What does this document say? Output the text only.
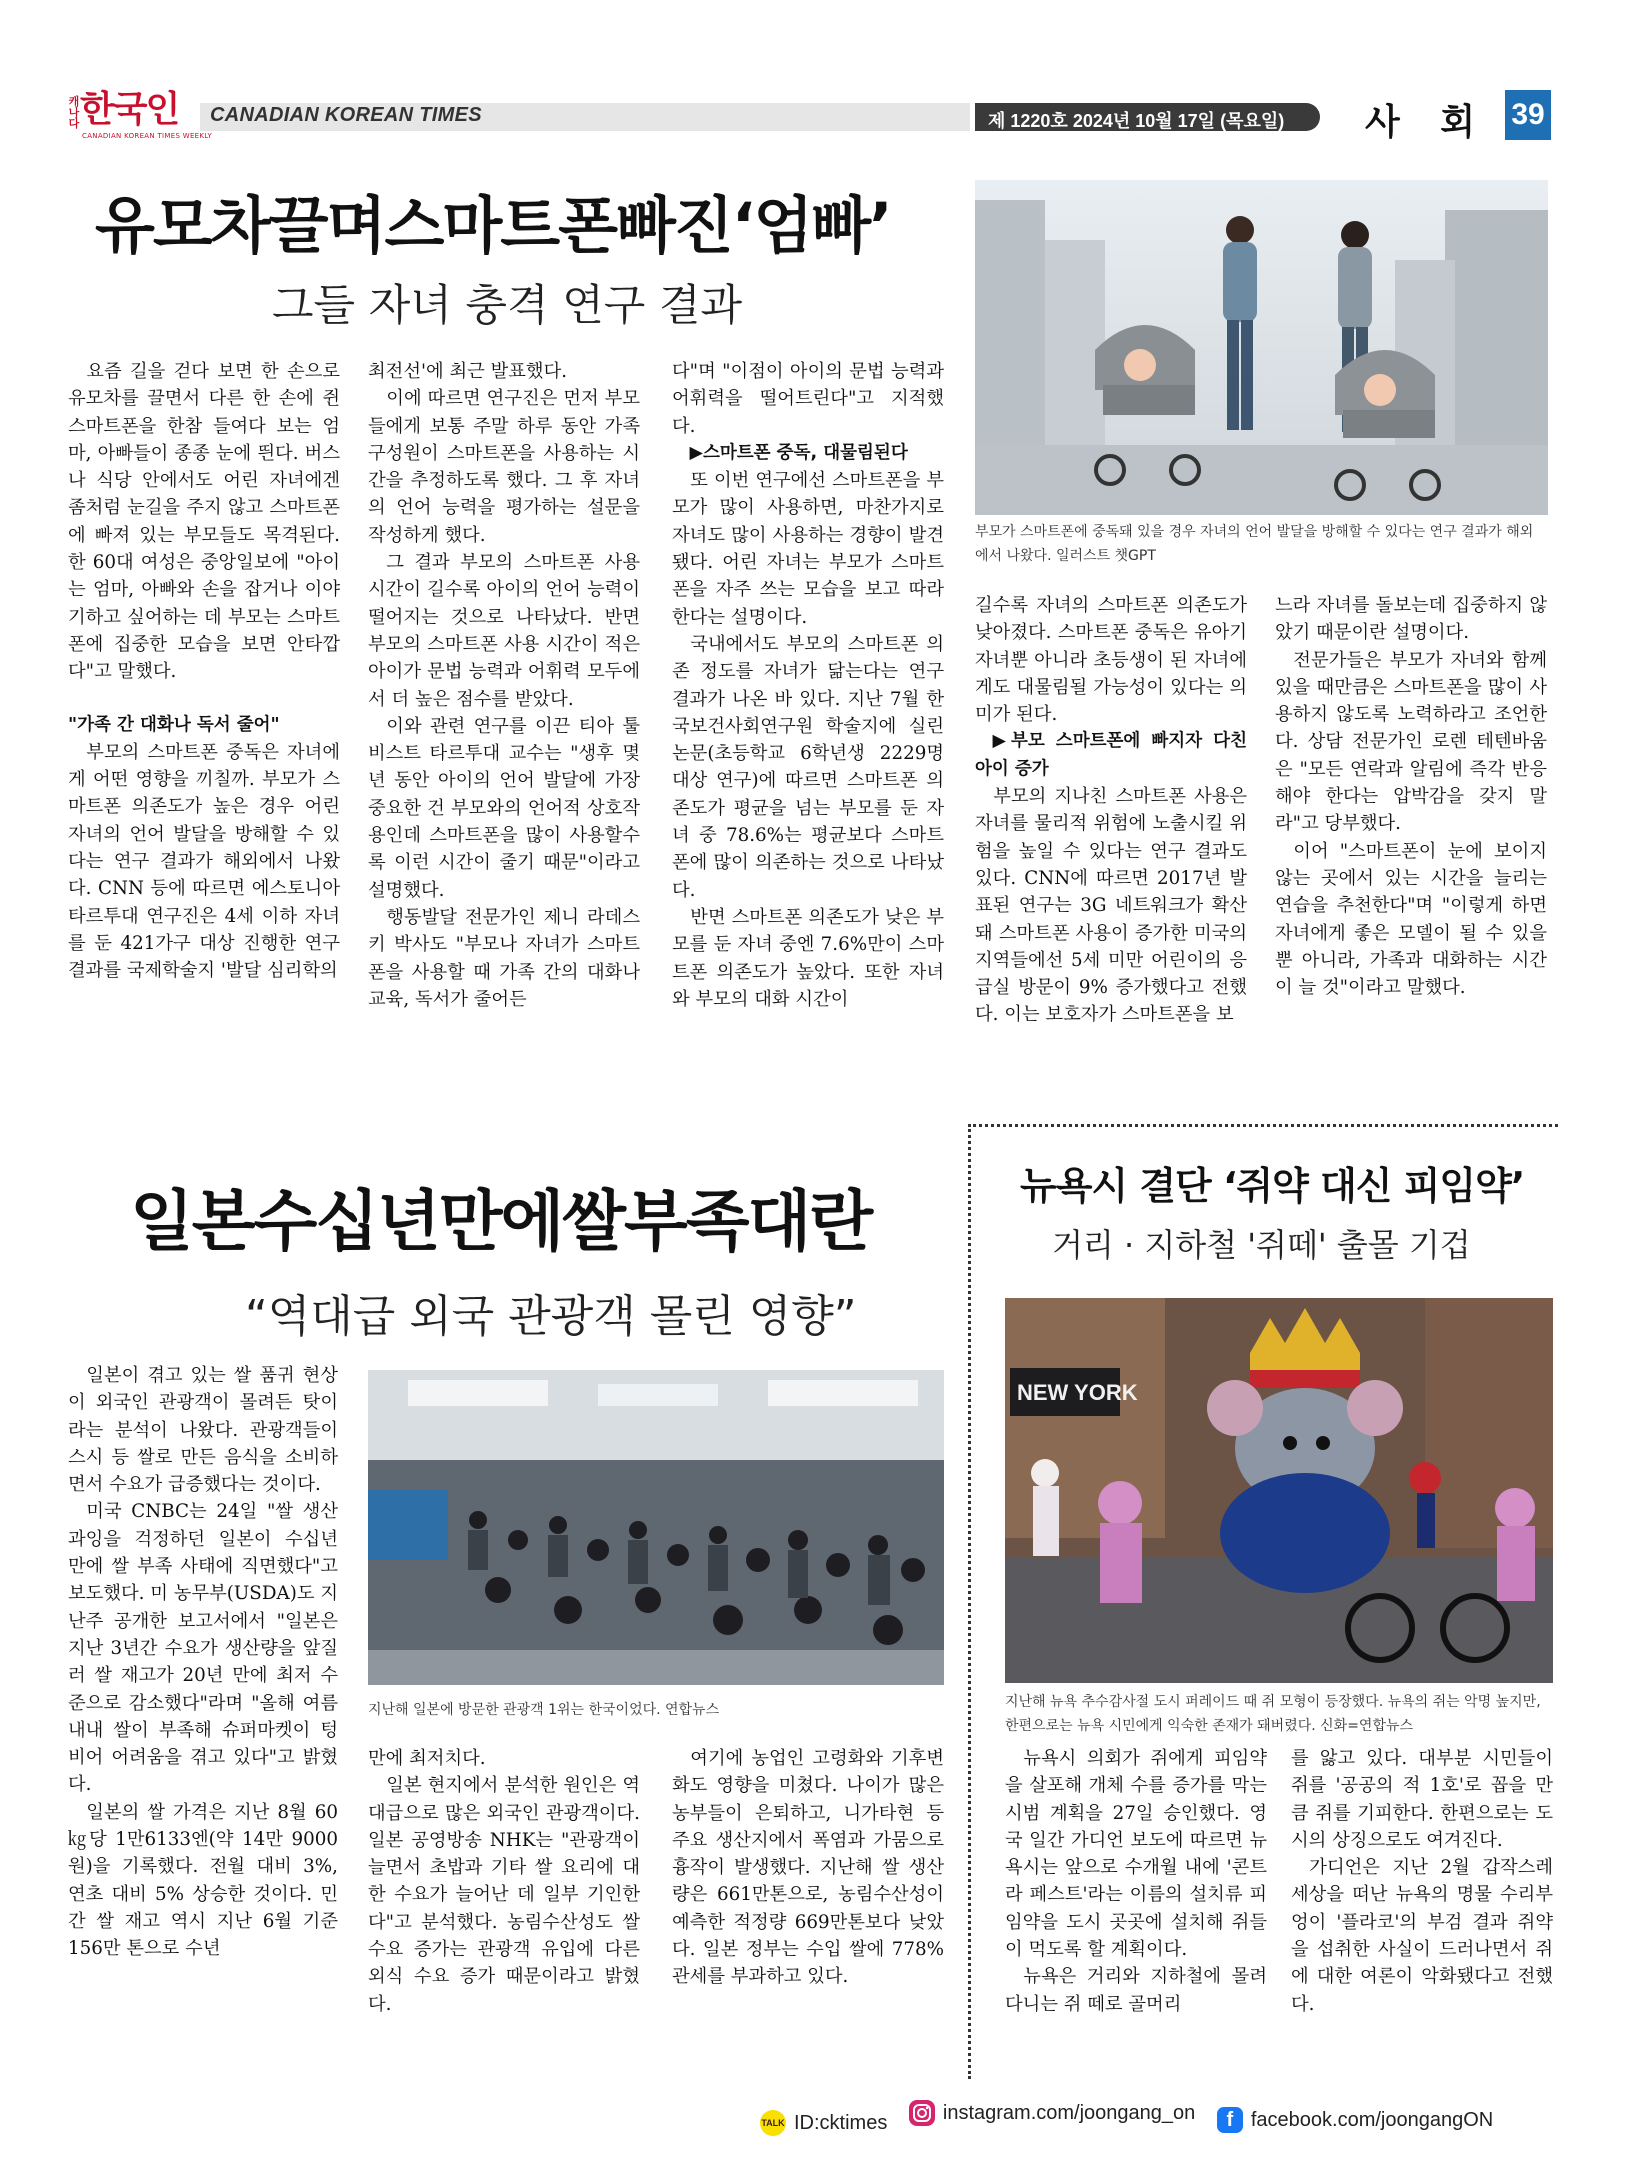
캐나다한국인
CANADIAN KOREAN TIMES WEEKLY
CANADIAN KOREAN TIMES	제 1220호 2024년 10월 17일 (목요일) 사 회 39
유모차끌며스마트폰빠진‘엄빠’
그들 자녀 충격 연구 결과
부모가 스마트폰에 중독돼 있을 경우 자녀의 언어 발달을 방해할 수 있다는 연구 결과가 해외에서 나왔다. 일러스트 챗GPT

요즘 길을 걷다 보면 한 손으로 유모차를 끌면서 다른 한 손에 쥔 스마트폰을 한참 들여다 보는 엄마, 아빠들이 종종 눈에 띈다. 버스나 식당 안에서도 어린 자녀에겐 좀처럼 눈길을 주지 않고 스마트폰에 빠져 있는 부모들도 목격된다. 한 60대 여성은 중앙일보에 "아이는 엄마, 아빠와 손을 잡거나 이야기하고 싶어하는 데 부모는 스마트폰에 집중한 모습을 보면 안타깝다"고 말했다.

"가족 간 대화나 독서 줄어"

부모의 스마트폰 중독은 자녀에게 어떤 영향을 끼칠까. 부모가 스마트폰 의존도가 높은 경우 어린 자녀의 언어 발달을 방해할 수 있다는 연구 결과가 해외에서 나왔다. CNN 등에 따르면 에스토니아 타르투대 연구진은 4세 이하 자녀를 둔 421가구 대상 진행한 연구 결과를 국제학술지 '발달 심리학의

최전선'에 최근 발표했다.

이에 따르면 연구진은 먼저 부모들에게 보통 주말 하루 동안 가족 구성원이 스마트폰을 사용하는 시간을 추정하도록 했다. 그 후 자녀의 언어 능력을 평가하는 설문을 작성하게 했다.

그 결과 부모의 스마트폰 사용 시간이 길수록 아이의 언어 능력이 떨어지는 것으로 나타났다. 반면 부모의 스마트폰 사용 시간이 적은 아이가 문법 능력과 어휘력 모두에서 더 높은 점수를 받았다.

이와 관련 연구를 이끈 티아 툴비스트 타르투대 교수는 "생후 몇 년 동안 아이의 언어 발달에 가장 중요한 건 부모와의 언어적 상호작용인데 스마트폰을 많이 사용할수록 이런 시간이 줄기 때문"이라고 설명했다.

행동발달 전문가인 제니 라데스키 박사도 "부모나 자녀가 스마트폰을 사용할 때 가족 간의 대화나 교육, 독서가 줄어든

다"며 "이점이 아이의 문법 능력과 어휘력을 떨어트린다"고 지적했다.

▶스마트폰 중독, 대물림된다

또 이번 연구에선 스마트폰을 부모가 많이 사용하면, 마찬가지로 자녀도 많이 사용하는 경향이 발견됐다. 어린 자녀는 부모가 스마트폰을 자주 쓰는 모습을 보고 따라한다는 설명이다.

국내에서도 부모의 스마트폰 의존 정도를 자녀가 닮는다는 연구 결과가 나온 바 있다. 지난 7월 한국보건사회연구원 학술지에 실린 논문(초등학교 6학년생 2229명 대상 연구)에 따르면 스마트폰 의존도가 평균을 넘는 부모를 둔 자녀 중 78.6%는 평균보다 스마트폰에 많이 의존하는 것으로 나타났다.

반면 스마트폰 의존도가 낮은 부모를 둔 자녀 중엔 7.6%만이 스마트폰 의존도가 높았다. 또한 자녀와 부모의 대화 시간이

길수록 자녀의 스마트폰 의존도가 낮아졌다. 스마트폰 중독은 유아기 자녀뿐 아니라 초등생이 된 자녀에게도 대물림될 가능성이 있다는 의미가 된다.

▶부모 스마트폰에 빠지자 다친 아이 증가

부모의 지나친 스마트폰 사용은 자녀를 물리적 위험에 노출시킬 위험을 높일 수 있다는 연구 결과도 있다. CNN에 따르면 2017년 발표된 연구는 3G 네트워크가 확산돼 스마트폰 사용이 증가한 미국의 지역들에선 5세 미만 어린이의 응급실 방문이 9% 증가했다고 전했다. 이는 보호자가 스마트폰을 보

느라 자녀를 돌보는데 집중하지 않았기 때문이란 설명이다.

전문가들은 부모가 자녀와 함께 있을 때만큼은 스마트폰을 많이 사용하지 않도록 노력하라고 조언한다. 상담 전문가인 로렌 테텐바움은 "모든 연락과 알림에 즉각 반응해야 한다는 압박감을 갖지 말라"고 당부했다.

이어 "스마트폰이 눈에 보이지 않는 곳에서 있는 시간을 늘리는 연습을 추천한다"며 "이렇게 하면 자녀에게 좋은 모델이 될 수 있을 뿐 아니라, 가족과 대화하는 시간이 늘 것"이라고 말했다.

일본수십년만에쌀부족대란
“역대급 외국 관광객 몰린 영향”

일본이 겪고 있는 쌀 품귀 현상이 외국인 관광객이 몰려든 탓이라는 분석이 나왔다. 관광객들이 스시 등 쌀로 만든 음식을 소비하면서 수요가 급증했다는 것이다.

미국 CNBC는 24일 "쌀 생산 과잉을 걱정하던 일본이 수십년 만에 쌀 부족 사태에 직면했다"고 보도했다. 미 농무부(USDA)도 지난주 공개한 보고서에서 "일본은 지난 3년간 수요가 생산량을 앞질러 쌀 재고가 20년 만에 최저 수준으로 감소했다"라며 "올해 여름 내내 쌀이 부족해 슈퍼마켓이 텅 비어 어려움을 겪고 있다"고 밝혔다.

일본의 쌀 가격은 지난 8월 60㎏당 1만6133엔(약 14만 9000원)을 기록했다. 전월 대비 3%, 연초 대비 5% 상승한 것이다. 민간 쌀 재고 역시 지난 6월 기준 156만 톤으로 수년

지난해 일본에 방문한 관광객 1위는 한국이었다. 연합뉴스

만에 최저치다.

일본 현지에서 분석한 원인은 역대급으로 많은 외국인 관광객이다. 일본 공영방송 NHK는 "관광객이 늘면서 초밥과 기타 쌀 요리에 대한 수요가 늘어난 데 일부 기인한다"고 분석했다. 농림수산성도 쌀 수요 증가는 관광객 유입에 다른 외식 수요 증가 때문이라고 밝혔다.

여기에 농업인 고령화와 기후변화도 영향을 미쳤다. 나이가 많은 농부들이 은퇴하고, 니가타현 등 주요 생산지에서 폭염과 가뭄으로 흉작이 발생했다. 지난해 쌀 생산량은 661만톤으로, 농림수산성이 예측한 적정량 669만톤보다 낮았다. 일본 정부는 수입 쌀에 778% 관세를 부과하고 있다.

뉴욕시 결단 ‘쥐약 대신 피임약’
거리 · 지하철 '쥐떼' 출몰 기겁
NEW YORK
지난해 뉴욕 추수감사절 도시 퍼레이드 때 쥐 모형이 등장했다. 뉴욕의 쥐는 악명 높지만, 한편으로는 뉴욕 시민에게 익숙한 존재가 돼버렸다. 신화=연합뉴스

뉴욕시 의회가 쥐에게 피임약을 살포해 개체 수를 증가를 막는 시범 계획을 27일 승인했다. 영국 일간 가디언 보도에 따르면 뉴욕시는 앞으로 수개월 내에 '콘트라 페스트'라는 이름의 설치류 피임약을 도시 곳곳에 설치해 쥐들이 먹도록 할 계획이다.

뉴욕은 거리와 지하철에 몰려다니는 쥐 떼로 골머리

를 앓고 있다. 대부분 시민들이 쥐를 '공공의 적 1호'로 꼽을 만큼 쥐를 기피한다. 한편으로는 도시의 상징으로도 여겨진다.

가디언은 지난 2월 갑작스레 세상을 떠난 뉴욕의 명물 수리부엉이 '플라코'의 부검 결과 쥐약을 섭취한 사실이 드러나면서 쥐에 대한 여론이 악화됐다고 전했다.

TALK ID:cktimes
	instagram.com/joongang_on
	f facebook.com/joongangON
